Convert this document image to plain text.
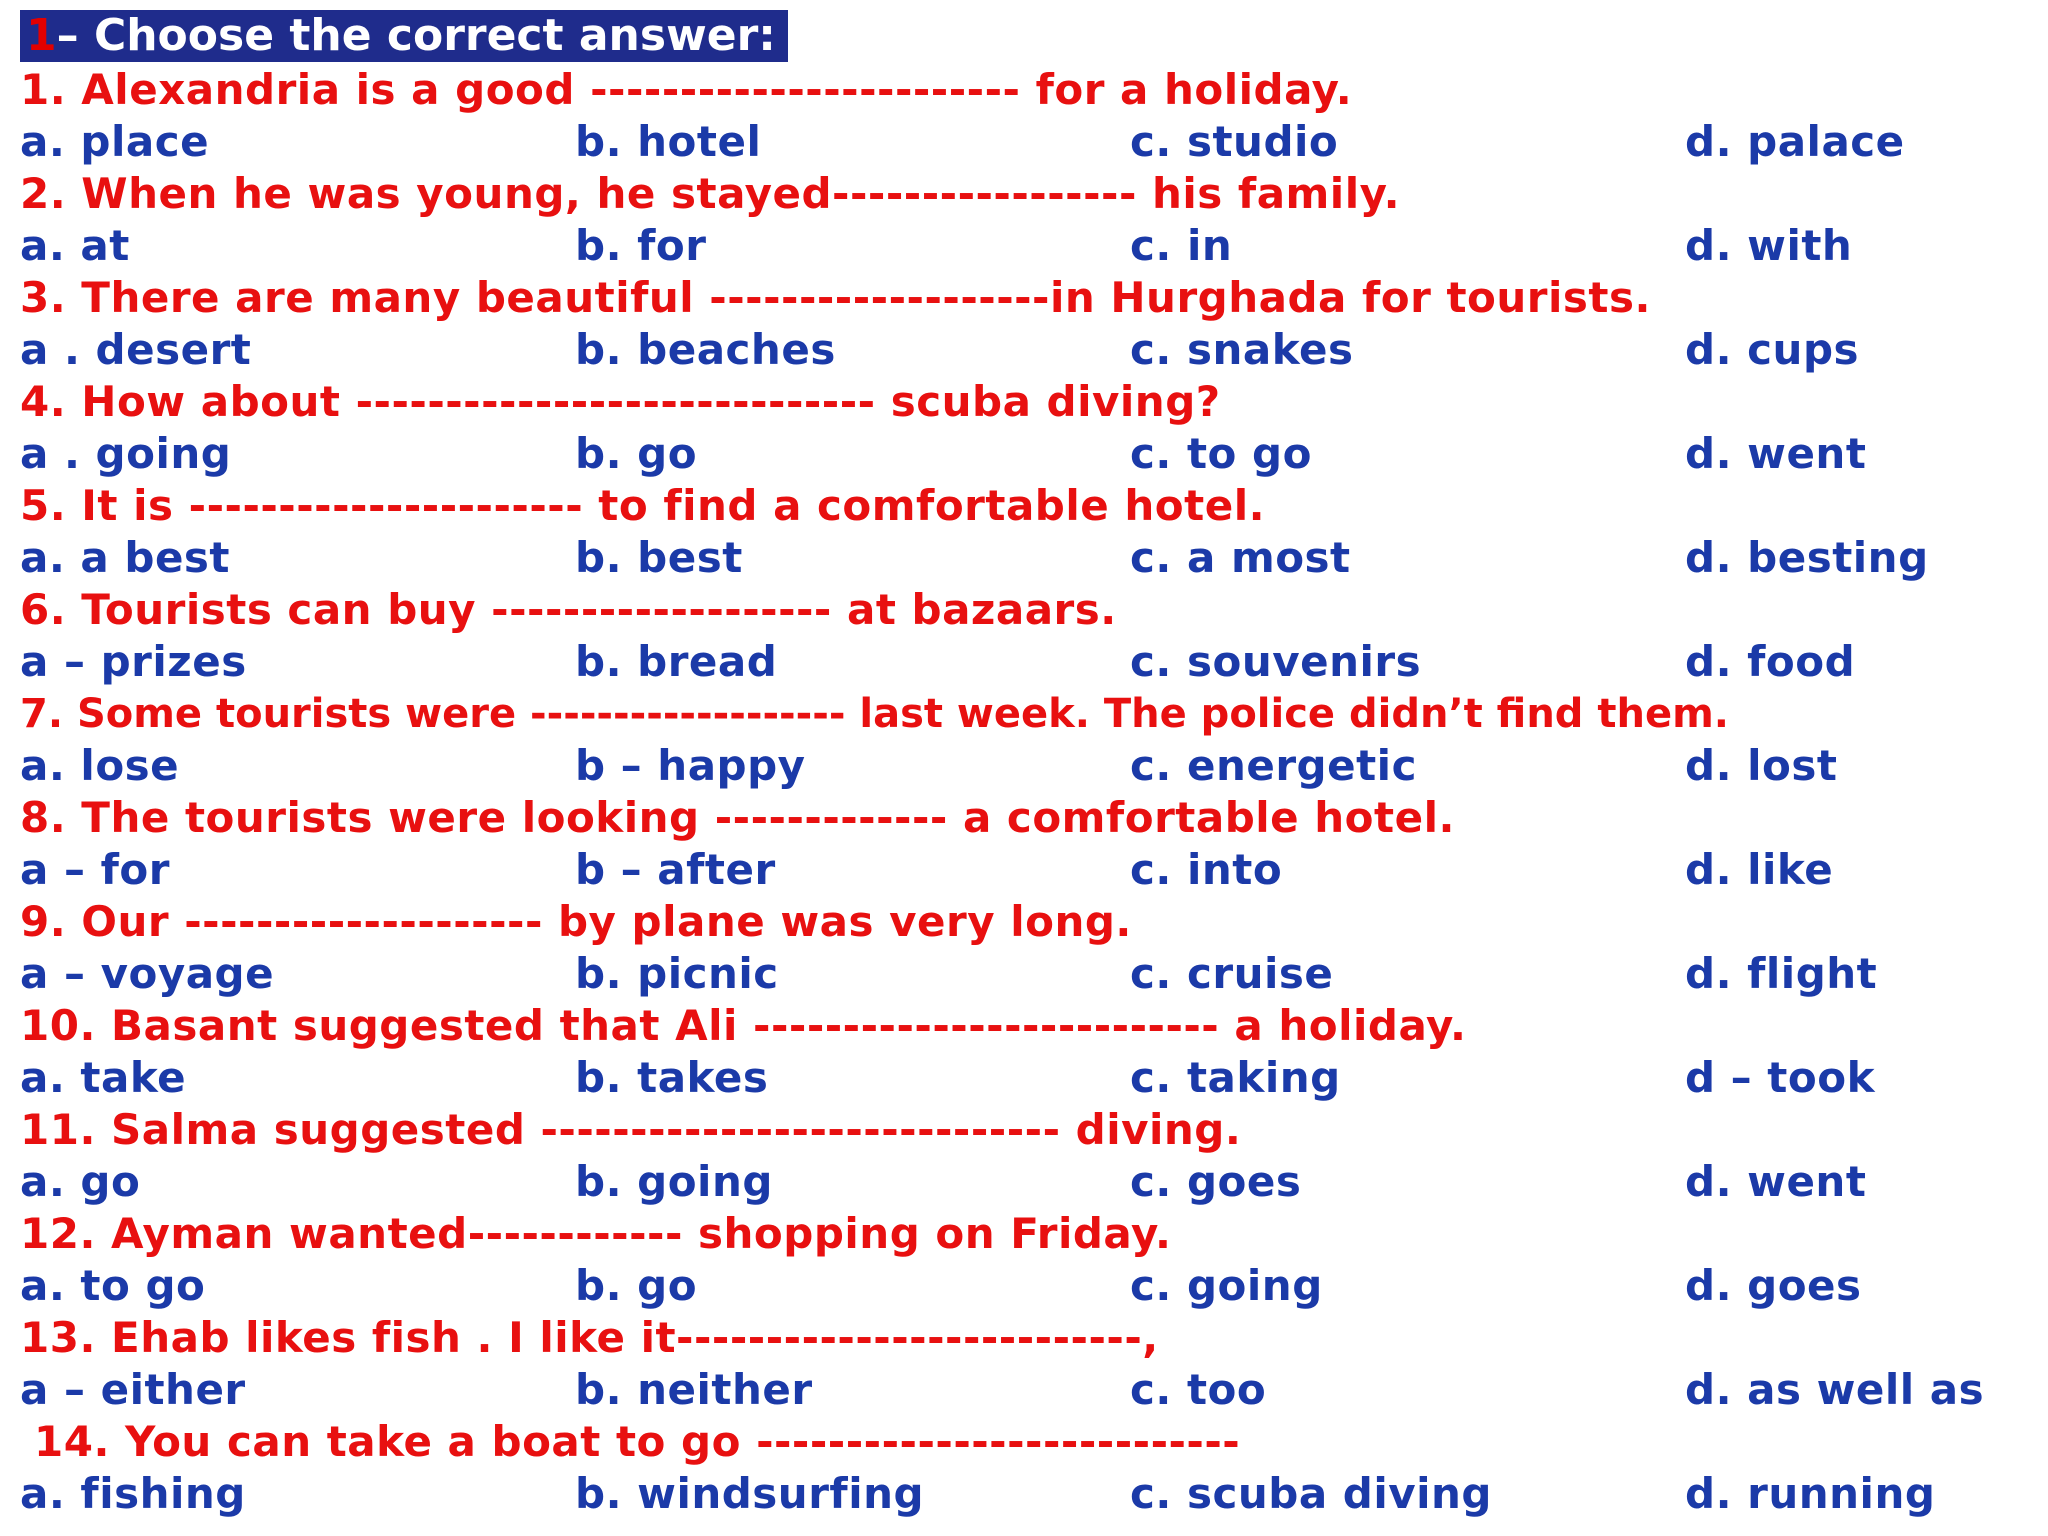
1– Choose the correct answer:
1. Alexandria is a good ------------------------ for a holiday.
a. place	b. hotel	c. studio	d. palace
2. When he was young, he stayed----------------- his family.
a. at	b. for	c. in	d. with
3. There are many beautiful -------------------in Hurghada for tourists.
a . desert	b. beaches	c. snakes	d. cups
4. How about ----------------------------- scuba diving?
a . going	b. go	c. to go	d. went
5. It is ---------------------- to find a comfortable hotel.
a. a best	b. best	c. a most	d. besting
6. Tourists can buy ------------------- at bazaars.
a – prizes	b. bread	c. souvenirs	d. food
7. Some tourists were ------------------- last week. The police didn’t find them.
a. lose	b – happy	c. energetic	d. lost
8. The tourists were looking ------------- a comfortable hotel.
a – for	b – after	c. into	d. like
9. Our -------------------- by plane was very long.
a – voyage	b. picnic	c. cruise	d. flight
10. Basant suggested that Ali -------------------------- a holiday.
a. take	b. takes	c. taking	d – took
11. Salma suggested ----------------------------- diving.
a. go	b. going	c. goes	d. went
12. Ayman wanted------------ shopping on Friday.
a. to go	b. go	c. going	d. goes
13. Ehab likes fish . I like it--------------------------,
a – either	b. neither	c. too	d. as well as
14. You can take a boat to go ---------------------------
a. fishing	b. windsurfing	c. scuba diving	d. running
